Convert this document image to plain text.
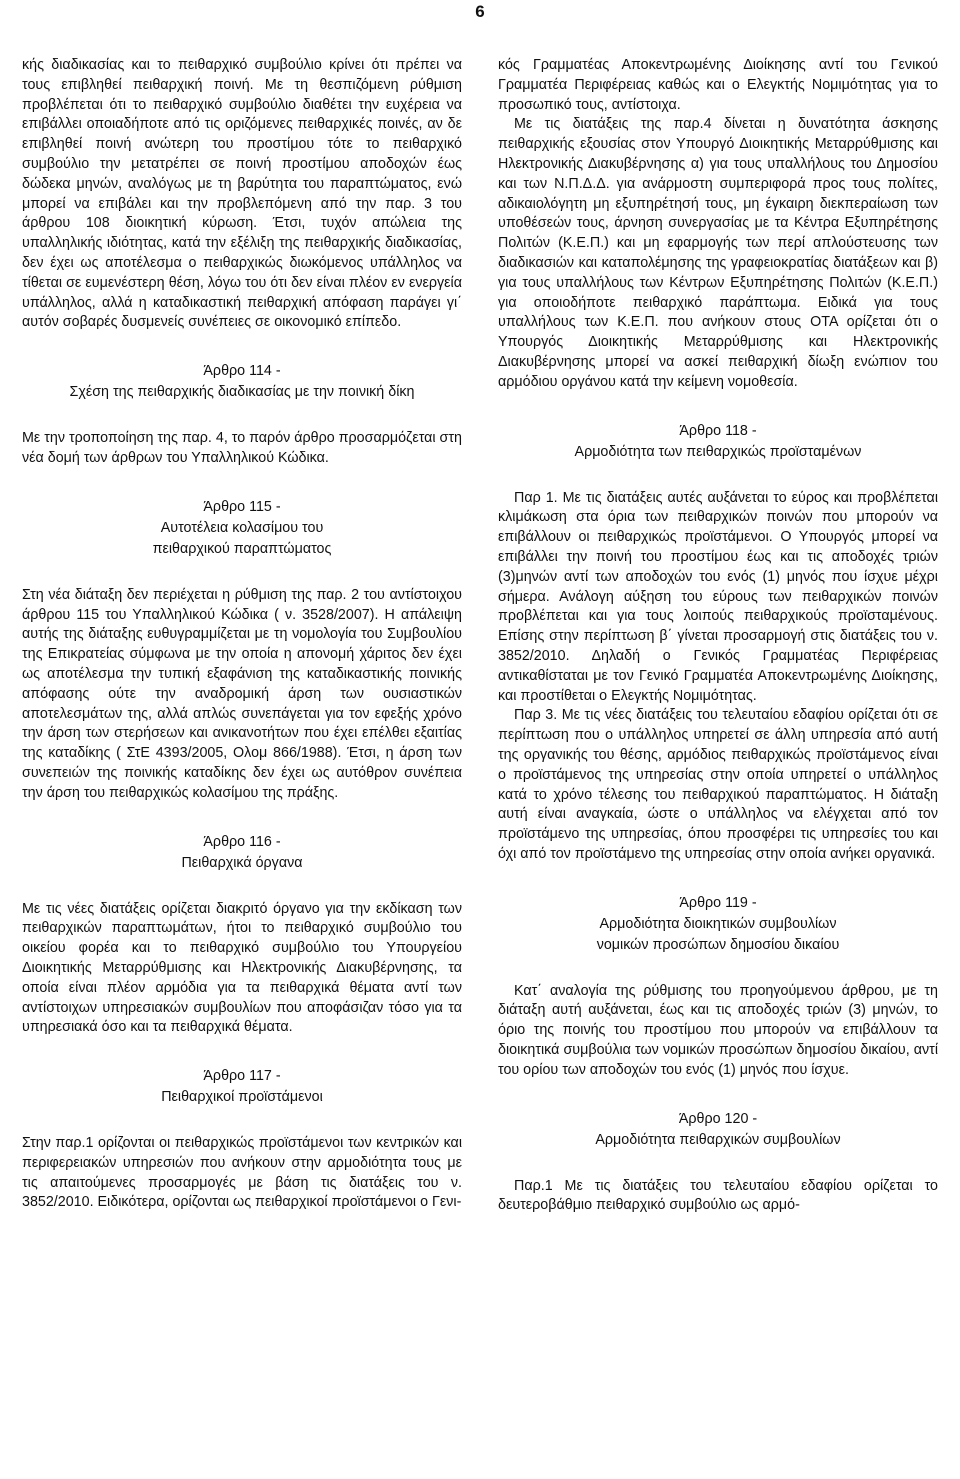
6

κής διαδικασίας και το πειθαρχικό συμβούλιο κρίνει ότι πρέπει να τους επιβληθεί πειθαρχική ποινή. Με τη θεσπιζόμενη ρύθμιση προβλέπεται ότι το πειθαρχικό συμβούλιο διαθέτει την ευχέρεια να επιβάλλει οποιαδήποτε από τις οριζόμενες πειθαρχικές ποινές, αν δε επιβληθεί ποινή ανώτερη του προστίμου τότε το πειθαρχικό συμβούλιο την μετατρέπει σε ποινή προστίμου αποδοχών έως δώδεκα μηνών, αναλόγως με τη βαρύτητα του παραπτώματος, ενώ μπορεί να επιβάλει και την προβλεπόμενη από την παρ. 3 του άρθρου 108 διοικητική κύρωση. Έτσι, τυχόν απώλεια της υπαλληλικής ιδιότητας, κατά την εξέλιξη της πειθαρχικής διαδικασίας, δεν έχει ως αποτέλεσμα ο πειθαρχικώς διωκόμενος υπάλληλος να τίθεται σε ευμενέστερη θέση, λόγω του ότι δεν είναι πλέον εν ενεργεία υπάλληλος, αλλά η καταδικαστική πειθαρχική απόφαση παράγει γι΄ αυτόν σοβαρές δυσμενείς συνέπειες σε οικονομικό επίπεδο.

Άρθρο 114 -
Σχέση της πειθαρχικής διαδικασίας με την ποινική δίκη

Με την τροποποίηση της παρ. 4, το παρόν άρθρο προσαρμόζεται στη νέα δομή των άρθρων του Υπαλληλικού Κώδικα.

Άρθρο 115 -
Αυτοτέλεια κολασίμου του
πειθαρχικού παραπτώματος

Στη νέα διάταξη δεν περιέχεται η ρύθμιση της παρ. 2 του αντίστοιχου άρθρου 115 του Υπαλληλικού Κώδικα ( ν. 3528/2007). Η απάλειψη αυτής της διάταξης ευθυγραμμίζεται με τη νομολογία του Συμβουλίου της Επικρατείας σύμφωνα με την οποία η απονομή χάριτος δεν έχει ως αποτέλεσμα την τυπική εξαφάνιση της καταδικαστικής ποινικής απόφασης ούτε την αναδρομική άρση των ουσιαστικών αποτελεσμάτων της, αλλά απλώς συνεπάγεται για τον εφεξής χρόνο την άρση των στερήσεων και ανικανοτήτων που έχει επέλθει εξαιτίας της καταδίκης ( ΣτΕ 4393/2005, Ολομ 866/1988). Έτσι, η άρση των συνεπειών της ποινικής καταδίκης δεν έχει ως αυτόθρον συνέπεια την άρση του πειθαρχικώς κολασίμου της πράξης.

Άρθρο 116 -
Πειθαρχικά όργανα

Με τις νέες διατάξεις ορίζεται διακριτό όργανο για την εκδίκαση των πειθαρχικών παραπτωμάτων, ήτοι το πειθαρχικό συμβούλιο του οικείου φορέα και το πειθαρχικό συμβούλιο του Υπουργείου Διοικητικής Μεταρρύθμισης και Ηλεκτρονικής Διακυβέρνησης, τα οποία είναι πλέον αρμόδια για τα πειθαρχικά θέματα αντί των αντίστοιχων υπηρεσιακών συμβουλίων που αποφάσιζαν τόσο για τα υπηρεσιακά όσο και τα πειθαρχικά θέματα.

Άρθρο 117 -
Πειθαρχικοί προϊστάμενοι

Στην παρ.1 ορίζονται οι πειθαρχικώς προϊστάμενοι των κεντρικών και περιφερειακών υπηρεσιών που ανήκουν στην αρμοδιότητα τους με τις απαιτούμενες προσαρμογές με βάση τις διατάξεις του ν. 3852/2010. Ειδικότερα, ορίζονται ως πειθαρχικοί προϊστάμενοι ο Γενι-

κός Γραμματέας Αποκεντρωμένης Διοίκησης αντί του Γενικού Γραμματέα Περιφέρειας καθώς και ο Ελεγκτής Νομιμότητας για το προσωπικό τους, αντίστοιχα.

Με τις διατάξεις της παρ.4 δίνεται η δυνατότητα άσκησης πειθαρχικής εξουσίας στον Υπουργό Διοικητικής Μεταρρύθμισης και Ηλεκτρονικής Διακυβέρνησης α) για τους υπαλλήλους του Δημοσίου και των Ν.Π.Δ.Δ. για ανάρμοστη συμπεριφορά προς τους πολίτες, αδικαιολόγητη μη εξυπηρέτησή τους, μη έγκαιρη διεκπεραίωση των υποθέσεών τους, άρνηση συνεργασίας με τα Κέντρα Εξυπηρέτησης Πολιτών (Κ.Ε.Π.) και μη εφαρμογής των περί απλούστευσης των διαδικασιών και καταπολέμησης της γραφειοκρατίας διατάξεων και β) για τους υπαλλήλους των Κέντρων Εξυπηρέτησης Πολιτών (Κ.Ε.Π.) για οποιοδήποτε πειθαρχικό παράπτωμα. Ειδικά για τους υπαλλήλους των Κ.Ε.Π. που ανήκουν στους ΟΤΑ ορίζεται ότι ο Υπουργός Διοικητικής Μεταρρύθμισης και Ηλεκτρονικής Διακυβέρνησης μπορεί να ασκεί πειθαρχική δίωξη ενώπιον του αρμόδιου οργάνου κατά την κείμενη νομοθεσία.

Άρθρο 118 -
Αρμοδιότητα των πειθαρχικώς προϊσταμένων

Παρ 1. Με τις διατάξεις αυτές αυξάνεται το εύρος και προβλέπεται κλιμάκωση στα όρια των πειθαρχικών ποινών που μπορούν να επιβάλλουν οι πειθαρχικώς προϊστάμενοι. Ο Υπουργός μπορεί να επιβάλλει την ποινή του προστίμου έως και τις αποδοχές τριών (3)μηνών αντί των αποδοχών του ενός (1) μηνός που ίσχυε μέχρι σήμερα. Ανάλογη αύξηση του εύρους των πειθαρχικών ποινών προβλέπεται και για τους λοιπούς πειθαρχικούς προϊσταμένους. Επίσης στην περίπτωση β΄ γίνεται προσαρμογή στις διατάξεις του ν. 3852/2010. Δηλαδή ο Γενικός Γραμματέας Περιφέρειας αντικαθίσταται με τον Γενικό Γραμματέα Αποκεντρωμένης Διοίκησης, και προστίθεται ο Ελεγκτής Νομιμότητας.

Παρ 3. Με τις νέες διατάξεις του τελευταίου εδαφίου ορίζεται ότι σε περίπτωση που ο υπάλληλος υπηρετεί σε άλλη υπηρεσία από αυτή της οργανικής του θέσης, αρμόδιος πειθαρχικώς προϊστάμενος είναι ο προϊστάμενος της υπηρεσίας στην οποία υπηρετεί ο υπάλληλος κατά το χρόνο τέλεσης του πειθαρχικού παραπτώματος. Η διάταξη αυτή είναι αναγκαία, ώστε ο υπάλληλος να ελέγχεται από τον προϊστάμενο της υπηρεσίας, όπου προσφέρει τις υπηρεσίες του και όχι από τον προϊστάμενο της υπηρεσίας στην οποία ανήκει οργανικά.

Άρθρο 119 -
Αρμοδιότητα διοικητικών συμβουλίων
νομικών προσώπων δημοσίου δικαίου

Κατ΄ αναλογία της ρύθμισης του προηγούμενου άρθρου, με τη διάταξη αυτή αυξάνεται, έως και τις αποδοχές τριών (3) μηνών, το όριο της ποινής του προστίμου που μπορούν να επιβάλλουν τα διοικητικά συμβούλια των νομικών προσώπων δημοσίου δικαίου, αντί του ορίου των αποδοχών του ενός (1) μηνός που ίσχυε.

Άρθρο 120 -
Αρμοδιότητα πειθαρχικών συμβουλίων

Παρ.1 Με τις διατάξεις του τελευταίου εδαφίου ορίζεται το δευτεροβάθμιο πειθαρχικό συμβούλιο ως αρμό-
